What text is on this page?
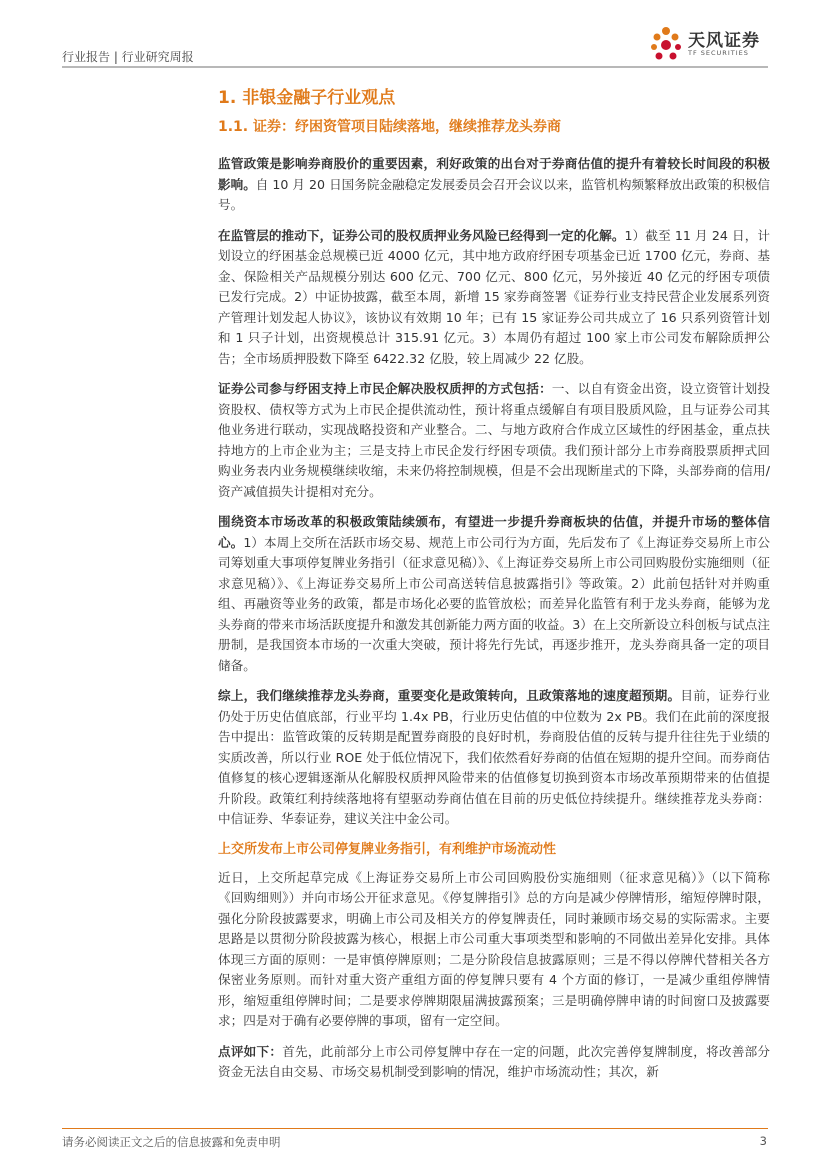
行业报告 | 行业研究周报
天风证券
TF SECURITIES
1. 非银金融子行业观点
1.1. 证券：纾困资管项目陆续落地，继续推荐龙头券商

监管政策是影响券商股价的重要因素，利好政策的出台对于券商估值的提升有着较长时间段的积极影响。自 10 月 20 日国务院金融稳定发展委员会召开会议以来，监管机构频繁释放出政策的积极信号。

在监管层的推动下，证券公司的股权质押业务风险已经得到一定的化解。1）截至 11 月 24 日，计划设立的纾困基金总规模已近 4000 亿元，其中地方政府纾困专项基金已近 1700 亿元，券商、基金、保险相关产品规模分别达 600 亿元、700 亿元、800 亿元，另外接近 40 亿元的纾困专项债已发行完成。2）中证协披露，截至本周，新增 15 家券商签署《证券行业支持民营企业发展系列资产管理计划发起人协议》，该协议有效期 10 年；已有 15 家证券公司共成立了 16 只系列资管计划和 1 只子计划，出资规模总计 315.91 亿元。3）本周仍有超过 100 家上市公司发布解除质押公告；全市场质押股数下降至 6422.32 亿股，较上周减少 22 亿股。

证券公司参与纾困支持上市民企解决股权质押的方式包括：一、以自有资金出资，设立资管计划投资股权、债权等方式为上市民企提供流动性，预计将重点缓解自有项目股质风险，且与证券公司其他业务进行联动，实现战略投资和产业整合。二、与地方政府合作成立区域性的纾困基金，重点扶持地方的上市企业为主；三是支持上市民企发行纾困专项债。我们预计部分上市券商股票质押式回购业务表内业务规模继续收缩，未来仍将控制规模，但是不会出现断崖式的下降，头部券商的信用/资产减值损失计提相对充分。

围绕资本市场改革的积极政策陆续颁布，有望进一步提升券商板块的估值，并提升市场的整体信心。1）本周上交所在活跃市场交易、规范上市公司行为方面，先后发布了《上海证券交易所上市公司筹划重大事项停复牌业务指引（征求意见稿）》、《上海证券交易所上市公司回购股份实施细则（征求意见稿）》、《上海证券交易所上市公司高送转信息披露指引》等政策。2）此前包括针对并购重组、再融资等业务的政策，都是市场化必要的监管放松；而差异化监管有利于龙头券商，能够为龙头券商的带来市场活跃度提升和激发其创新能力两方面的收益。3）在上交所新设立科创板与试点注册制，是我国资本市场的一次重大突破，预计将先行先试，再逐步推开，龙头券商具备一定的项目储备。

综上，我们继续推荐龙头券商，重要变化是政策转向，且政策落地的速度超预期。目前，证券行业仍处于历史估值底部，行业平均 1.4x PB，行业历史估值的中位数为 2x PB。我们在此前的深度报告中提出：监管政策的反转期是配置券商股的良好时机，券商股估值的反转与提升往往先于业绩的实质改善，所以行业 ROE 处于低位情况下，我们依然看好券商的估值在短期的提升空间。而券商估值修复的核心逻辑逐渐从化解股权质押风险带来的估值修复切换到资本市场改革预期带来的估值提升阶段。政策红利持续落地将有望驱动券商估值在目前的历史低位持续提升。继续推荐龙头券商：中信证券、华泰证券，建议关注中金公司。

上交所发布上市公司停复牌业务指引，有利维护市场流动性

近日，上交所起草完成《上海证券交易所上市公司回购股份实施细则（征求意见稿）》（以下简称《回购细则》）并向市场公开征求意见。《停复牌指引》总的方向是减少停牌情形，缩短停牌时限，强化分阶段披露要求，明确上市公司及相关方的停复牌责任，同时兼顾市场交易的实际需求。主要思路是以贯彻分阶段披露为核心，根据上市公司重大事项类型和影响的不同做出差异化安排。具体体现三方面的原则：一是审慎停牌原则；二是分阶段信息披露原则；三是不得以停牌代替相关各方保密业务原则。而针对重大资产重组方面的停复牌只要有 4 个方面的修订，一是减少重组停牌情形，缩短重组停牌时间；二是要求停牌期限届满披露预案；三是明确停牌申请的时间窗口及披露要求；四是对于确有必要停牌的事项，留有一定空间。

点评如下：首先，此前部分上市公司停复牌中存在一定的问题，此次完善停复牌制度，将改善部分资金无法自由交易、市场交易机制受到影响的情况，维护市场流动性；其次，新

请务必阅读正文之后的信息披露和免责申明	3
